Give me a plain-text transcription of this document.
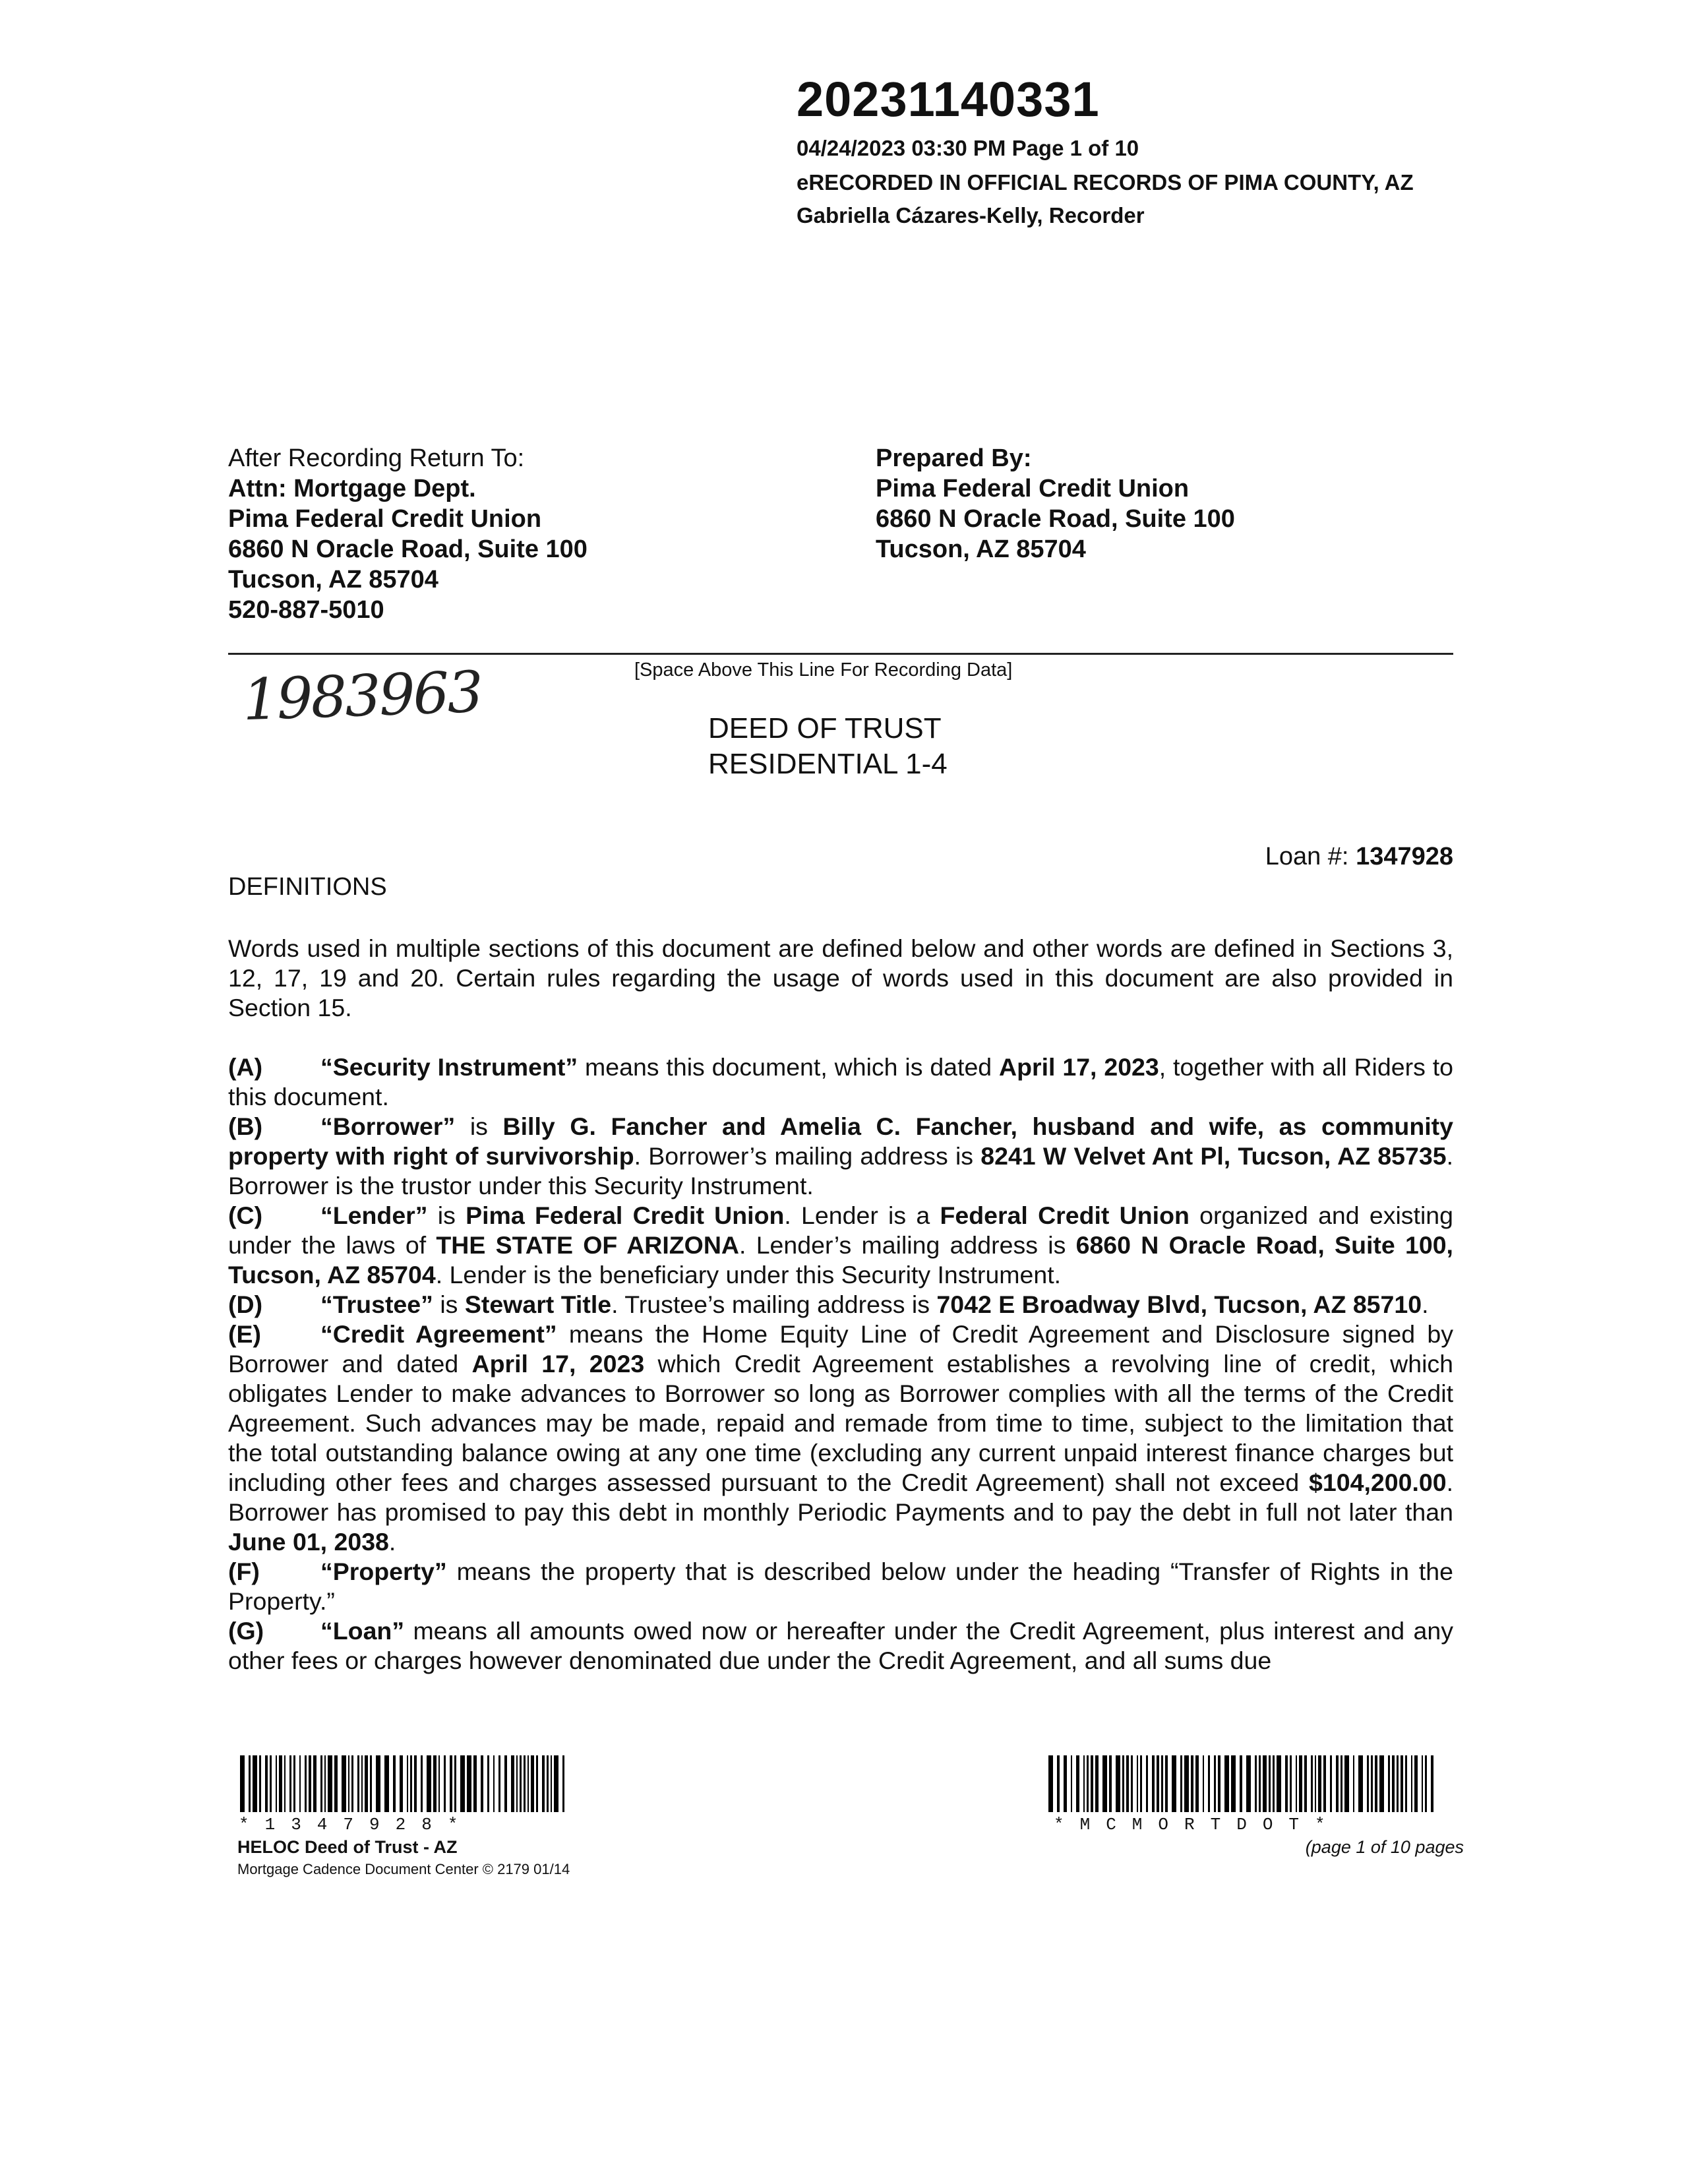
20231140331
04/24/2023 03:30 PM Page 1 of 10
eRECORDED IN OFFICIAL RECORDS OF PIMA COUNTY, AZ
Gabriella Cázares-Kelly, Recorder
After Recording Return To:
Attn: Mortgage Dept.
Pima Federal Credit Union
6860 N Oracle Road, Suite 100
Tucson, AZ 85704
520-887-5010
Prepared By:
Pima Federal Credit Union
6860 N Oracle Road, Suite 100
Tucson, AZ 85704
[Space Above This Line For Recording Data]
1983963	DEED OF TRUST
RESIDENTIAL 1-4
Loan #: 1347928
DEFINITIONS

Words used in multiple sections of this document are defined below and other words are defined in Sections 3, 12, 17, 19 and 20. Certain rules regarding the usage of words used in this document are also provided in Section 15.

(A) “Security Instrument” means this document, which is dated April 17, 2023, together with all Riders to this document.

(B) “Borrower” is Billy G. Fancher and Amelia C. Fancher, husband and wife, as community property with right of survivorship. Borrower’s mailing address is 8241 W Velvet Ant Pl, Tucson, AZ 85735. Borrower is the trustor under this Security Instrument.

(C) “Lender” is Pima Federal Credit Union. Lender is a Federal Credit Union organized and existing under the laws of THE STATE OF ARIZONA. Lender’s mailing address is 6860 N Oracle Road, Suite 100, Tucson, AZ 85704. Lender is the beneficiary under this Security Instrument.

(D) “Trustee” is Stewart Title. Trustee’s mailing address is 7042 E Broadway Blvd, Tucson, AZ 85710.

(E) “Credit Agreement” means the Home Equity Line of Credit Agreement and Disclosure signed by Borrower and dated April 17, 2023 which Credit Agreement establishes a revolving line of credit, which obligates Lender to make advances to Borrower so long as Borrower complies with all the terms of the Credit Agreement. Such advances may be made, repaid and remade from time to time, subject to the limitation that the total outstanding balance owing at any one time (excluding any current unpaid interest finance charges but including other fees and charges assessed pursuant to the Credit Agreement) shall not exceed $104,200.00. Borrower has promised to pay this debt in monthly Periodic Payments and to pay the debt in full not later than June 01, 2038.

(F) “Property” means the property that is described below under the heading “Transfer of Rights in the Property.”

(G) “Loan” means all amounts owed now or hereafter under the Credit Agreement, plus interest and any other fees or charges however denominated due under the Credit Agreement, and all sums due

*1347928*	*MCMORTDOT*
HELOC Deed of Trust - AZ
Mortgage Cadence Document Center © 2179 01/14
(page 1 of 10 pages
